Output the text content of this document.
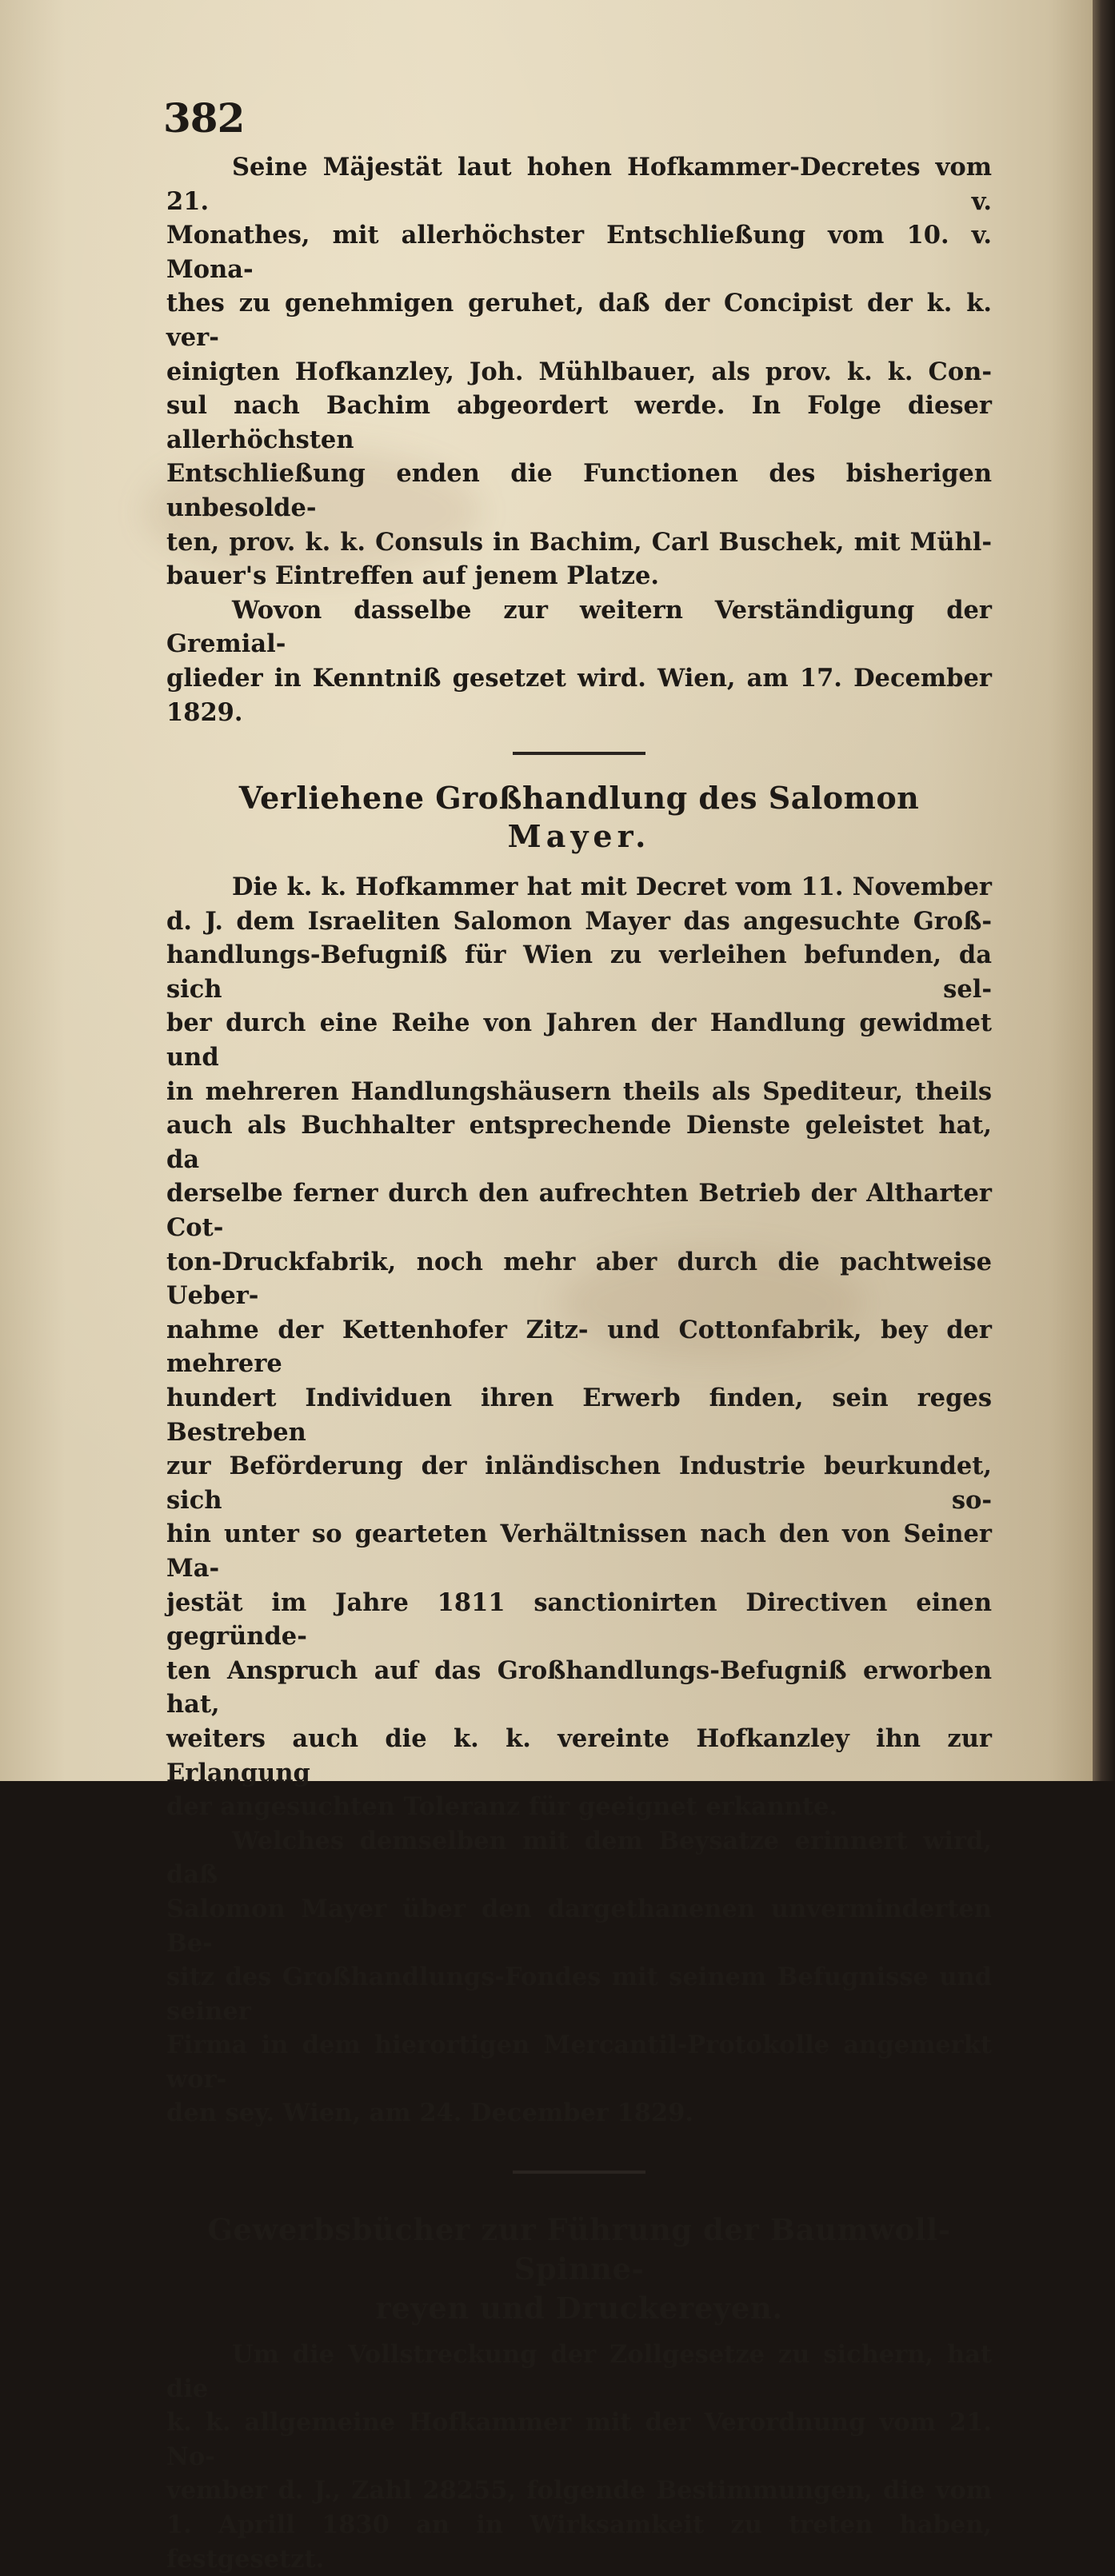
382
Seine Mäjestät laut hohen Hofkammer-Decretes vom 21. v.
Monathes, mit allerhöchster Entschließung vom 10. v. Mona-
thes zu genehmigen geruhet, daß der Concipist der k. k. ver-
einigten Hofkanzley, Joh. Mühlbauer, als prov. k. k. Con-
sul nach Bachim abgeordert werde. In Folge dieser allerhöchsten
Entschließung enden die Functionen des bisherigen unbesolde-
ten, prov. k. k. Consuls in Bachim, Carl Buschek, mit Mühl-
bauer's Eintreffen auf jenem Platze.
Wovon dasselbe zur weitern Verständigung der Gremial-
glieder in Kenntniß gesetzet wird. Wien, am 17. December 1829.
Verliehene Großhandlung des Salomon Mayer.
Die k. k. Hofkammer hat mit Decret vom 11. November
d. J. dem Israeliten Salomon Mayer das angesuchte Groß-
handlungs-Befugniß für Wien zu verleihen befunden, da sich sel-
ber durch eine Reihe von Jahren der Handlung gewidmet und
in mehreren Handlungshäusern theils als Spediteur, theils
auch als Buchhalter entsprechende Dienste geleistet hat, da
derselbe ferner durch den aufrechten Betrieb der Altharter Cot-
ton-Druckfabrik, noch mehr aber durch die pachtweise Ueber-
nahme der Kettenhofer Zitz- und Cottonfabrik, bey der mehrere
hundert Individuen ihren Erwerb finden, sein reges Bestreben
zur Beförderung der inländischen Industrie beurkundet, sich so-
hin unter so gearteten Verhältnissen nach den von Seiner Ma-
jestät im Jahre 1811 sanctionirten Directiven einen gegründe-
ten Anspruch auf das Großhandlungs-Befugniß erworben hat,
weiters auch die k. k. vereinte Hofkanzley ihn zur Erlangung
der angesuchten Toleranz für geeignet erkannte.
Welches demselben mit dem Beysatze erinnert wird, daß
Salomon Mayer über den dargethanenen unverminderten Be-
sitz des Großhandlungs-Fondes mit seinem Befugnisse und seiner
Firma in dem hierortigen Mercantil-Protokolle angemerkt wor-
den sey. Wien, am 24. December 1829.
Gewerbsbücher zur Führung der Baumwoll-Spinne-
reyen und Druckereyen.
Um die Vollstreckung der Zollgesetze zu sichern, hat die
k. k. allgemeine Hofkammer mit der Verordnung vom 21. No-
vember d. J., Zahl 28255, folgende Bestimmungen, die vom
1. Aprill 1830 an in Wirksamkeit zu treten haben, festgesetzt.
